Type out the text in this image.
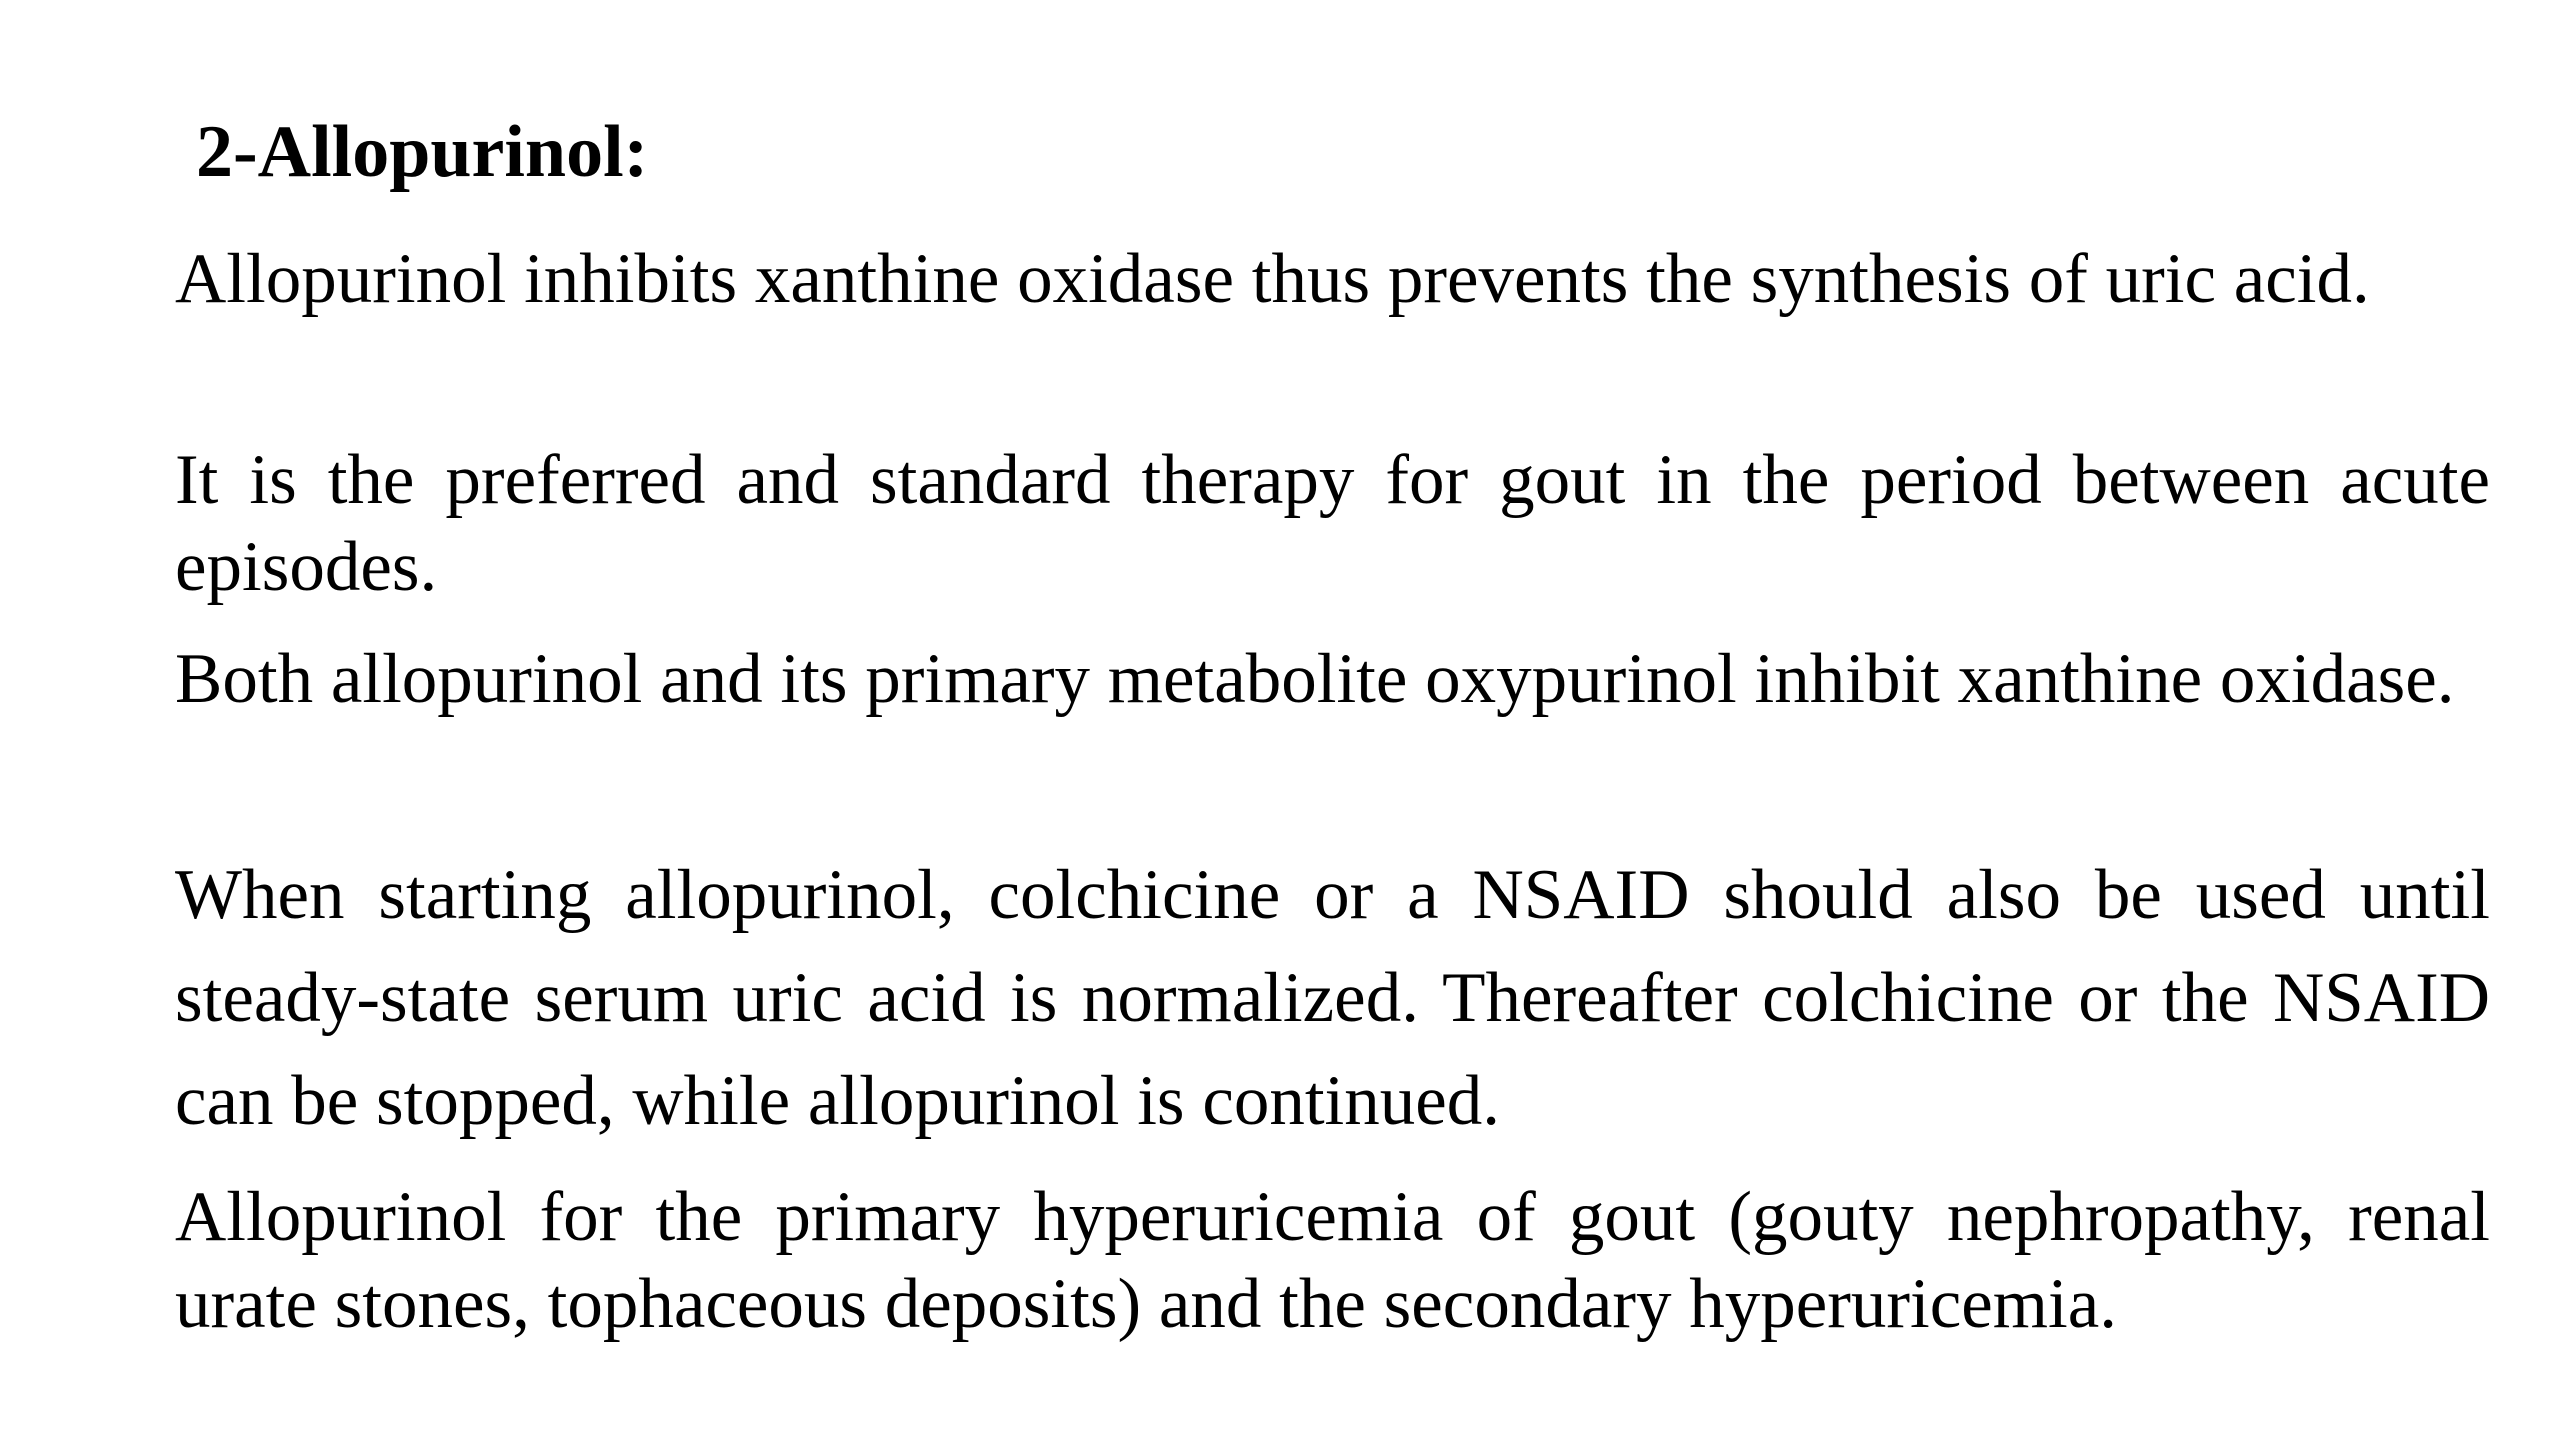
2-Allopurinol:

Allopurinol inhibits xanthine oxidase thus prevents the synthesis of uric acid.

It is the preferred and standard therapy for gout in the period between acute episodes.

Both allopurinol and its primary metabolite oxypurinol inhibit xanthine oxidase.

When starting allopurinol, colchicine or a NSAID should also be used until steady-state serum uric acid is normalized. Thereafter colchicine or the NSAID can be stopped, while allopurinol is continued.

Allopurinol for the primary hyperuricemia of gout (gouty nephropathy, renal urate stones, tophaceous deposits) and the secondary hyperuricemia.
